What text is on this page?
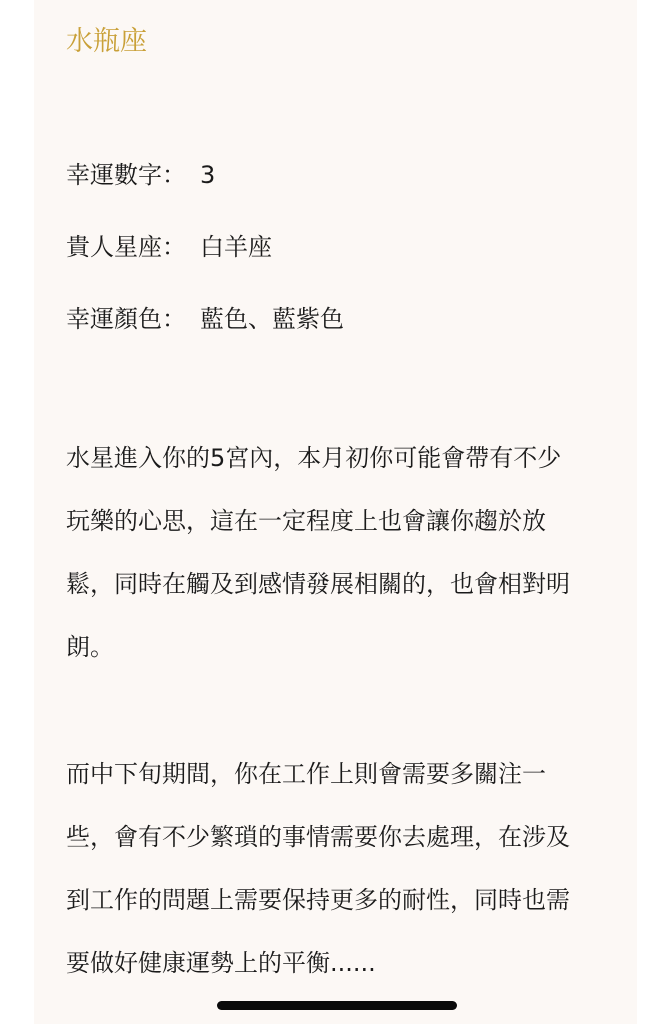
水瓶座

幸運數字： 3

貴人星座： 白羊座

幸運顏色： 藍色、藍紫色

水星進入你的5宮內，本月初你可能會帶有不少
玩樂的心思，這在一定程度上也會讓你趨於放
鬆，同時在觸及到感情發展相關的，也會相對明
朗。

而中下旬期間，你在工作上則會需要多關注一
些，會有不少繁瑣的事情需要你去處理，在涉及
到工作的問題上需要保持更多的耐性，同時也需
要做好健康運勢上的平衡......
